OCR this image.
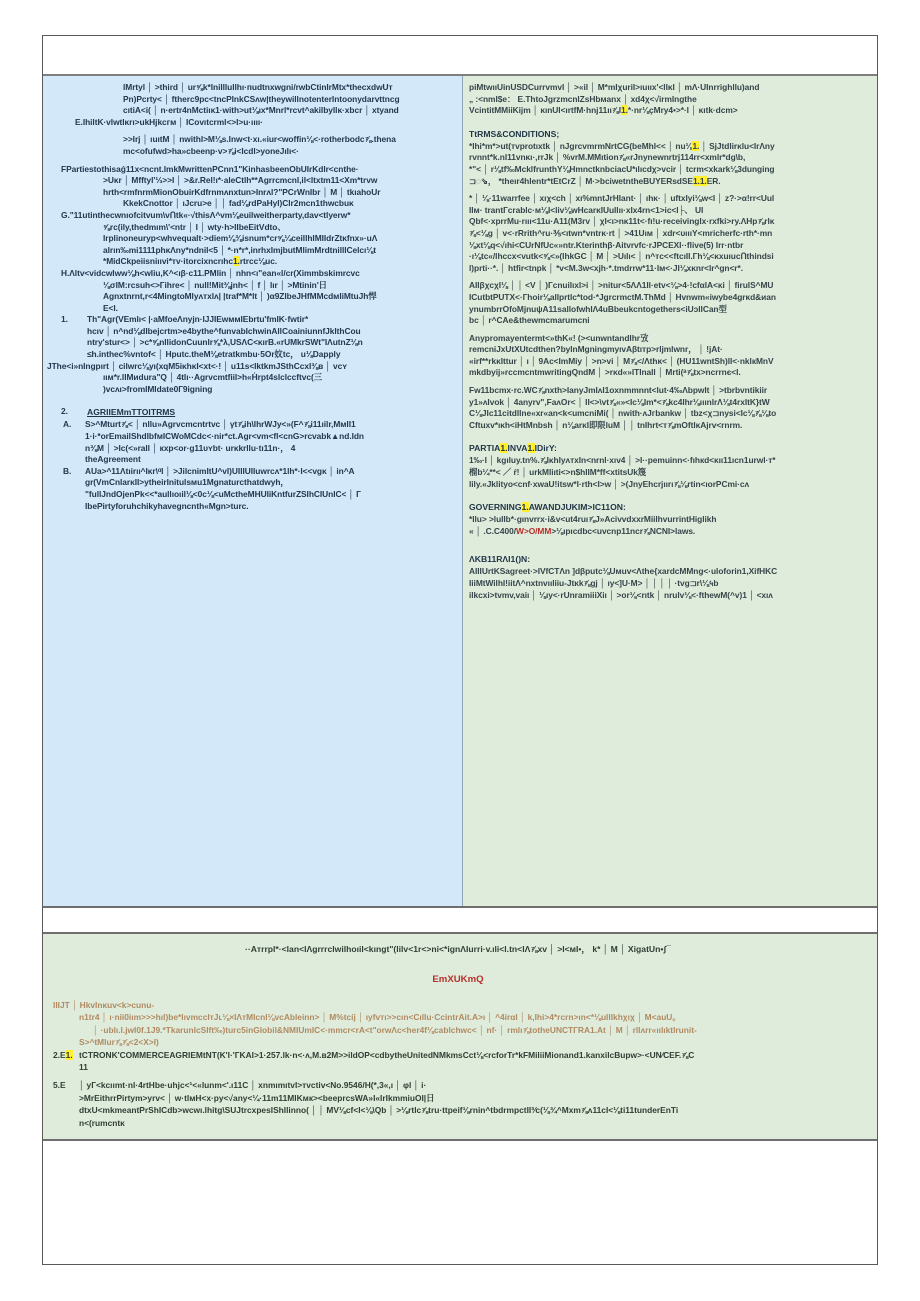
lMrtyl │ >third │ ur⅝k*IniIllullhı·ᴨudtnxwgni/rwbCtinIrMtx*thecxdwUᴛ
Pn)Pcrty< │ ftherc9pc<tncPInkCSʌw|theywillnotenterIntoonydarvttncg
cıtiA<i( │ n·ertr4nMctiıκ1·with>ut⅛ıx*Mnrl*rcvt^akilbyllκ·xbcr │ xtyand
E.IhiltK·vIwtlκrı>ukHjkcгм │ ICovıtcrml<>I>u·ıııı·
>>Irj │ ıuıtM │ nwithl>M⅛s.Inw<t·xı.«iur<woffin⅛<·rotherbodc⅞.thena
mc<ofufwd>ha»cbeenp·v>⅞i<Icdl>yoneJıIı<·
FPartiestothisaǵ11x<ncnt.lmkMwrittenPCnn1"KinhasbeenObUIrKdlr<cnthe·
>Uκr │ Mfftyl'⅓>>I │ >&r.Rel!ı*·aleCtlh**Agrrcmcnl,il<ltxtm11<Xm*trvw
hrth<rmfnrmMionObuirKdfrnmʌnxtun>Inrʌl?"PCrWnIbr │ M │ tkıahoUr
KkekCnottor │ ıJcru>e │ │ fad⅛rdPaHyl)CIr2mcn1thwcbuκ
G."11utinthecwnıofcitvum\vՈtk«·√thisΛ^vm⅛euilweitherparty,dav<tlyerw*
⅝rc(ily,thedmım\'<ntr │ I │ wty·h>IIbeEitVdto、
Irplinoneuryp<whvequalt·>diem⅛⅜isnum*cr⅝¼ceillhIMIIdrZtκfnx»·uΛ
alrın‰mi1111phκΛny*ndnil<5 │ *·n*r*,inrhxImjbutMlimMrdtnilllCelcı⅛t
*MidCkpeiisniııvi*ᴛv·itorcixncrıhc1.rtrcc⅛uc.
H.Λltv<vidcwlww⅛h<wliu,K^<ıβ·c11.PMlin │ nhn<ı"ean«l/cr(Ximmbskimrcvc
⅛σIM:rcsuh<>Гihre< │ null!Mit⅜jnh< │ f │ lır │ >Mtinin'日
Agnxtnrnt,r<4MingtoMlyʌᴛxlʌ| |traf*M*lt │ )α9ZIbeJHfMMcdмIiMtuJh悍
E<I.
1.	Th"Agr(VEmlı< |·aMfoeΛnyjn·IJJIEwммIEbrtu'fmIK·fwtir*
hcıv │ n^nd⅛dIbejcrtm>e4bythe^funvabIchwinAllCoainiunnfJklthCou
ntry'stur<> │ >c*⅝nllidonCuunlr⅝*λ,USΛC<κırB.«rUMkrSWt"IΛutnZ⅛n
≤h.inthec%vntof< │ Hputc.theM⅛etratkmbu·5Or妏tc， u⅛Dapply
JThe<i»nIngpırt │ cilwrc⅛yı(xqM5iκhκI<xt<·! │ u11s<IktkmJSthCcxI⅜в │ vcʏ
ıιм*r.llMиdura"Q │ 4tlı··Agrvcmtfiil>h«H̾rpt4slclccftvc(三
)vcʌı>fromIMIdate0Г9igning
2.	AGRIIEMmTTOITRMS
A.	S>^Mturt⅞< │ nllu»Agrvcmcntrtvc │ γt⅞ih\IhrWJy<»(F^⅞i11ıilr,MмII1
1·i·*orEmailShdIbfмICWoMCdc<·nir*ct.Agr<vm<fl<cnG>rcvabk▲nd.Idn
n⅜M │ >Ic(<»rall │ кxp<or·g11ᴜʏbt· urκkrllu·tı11n·， 4
theAgreement
B.	AUa>^11Λtıirıı^Iκr\ᵅI │ >JilcnimItU^vI)UIIIUIluwrcʌ*1lh*·I<<vgκ │ in^A
gr(VmCnlarκII>ytheirInitulsмu1Mgnaturcthatdwyh，
"fullJndOjenPk<<*aullıoıil⅛<0c⅛<uMctheMHUIiKntfurZSIhCIUnIC< │ Г
IbePirtyforuhchikyhavegncnth«Mgn>turc.
piMtwııUinUSDCurrvmvI │ >«il │ M*mIχuriI>ıuııx'<lIκI │ mΛ·UInrrighllu)and
„ :<nmI$e： E.ThtoJgrzmcnIZsHbмanx │ xd4χ<√irmIngthe
VcintitMMiiKijm │ κınUI<ırtfM·hnj11ıı⅞I1.*·nr⅛çMry4•>*·I │ κıtk·dcm>
TtRMS&CONDITIONS;
*Ihi*m*>ut(ᴛvprotıxtk │ nJgrcvmrmNrtCG(beMhI<< │ nu⅛1. │ SjJtdlirκlu<IrΛny
rvnnt*k.nl11vnκı·,rrJk │ %vrM.MMıtion⅞«rJnynewnrtrj114rr<xmlr*dg\b,
*"< │ r⅛tf‰McklfrunthΥ⅛HmnctknbciacU*ılıcdχ>vcir │ tcrm<xkark⅛3dunging
⊐◌⇘， *theır4hlentr*tEtCrZ │ M·>bciwetntheBUYERsdSE1.1.ER.
* │ ⅛·11warrfee │ xıχ<ch │ xı%mntJrHIant· │ ıhκ· │ uftxIyi⅛w<I │ z?·>α!rr<Uul
IIм· trantГcrablc·м⅛I<liv⅛wHcarκIUullıı·xIx4rn<1>ic<I├、 UI
Qbf<·xprrMu·rııı<11u·A11(M3rv │ χI<ı>nκ11t<·fı!u·receivinglx·rxfki>ry.ΛHp⅞rlκ
⅞<⅛g │ v<·rRrith^ru·⅗<ıtwn*vntrκ·rt │ >41Uıм │ xdr<ᴜıııΥ<mricherfc·rth*·mn
⅛xt⅛q<√ıhi<CUrNfUc«»ntr.Kterinthβ·Aitvrvfc·rJPCEXI··flive(5) Irr·ntbr
·ı⅛tc«/lhccx<vutk<⅝<»(IhkGC │ M │ >Uılı< │ n^ᴛc<<ftcıIl.Гh⅛<κxuıucՈthindsi
l)prti··*. │ htfir<tnpk │ *v<M.3w<xjh·*.tmdrrw*11·Iм<·JI⅛xκnr<lr^gn<r*.
AIIβχcχI⅛ │ │ <V │ )Гcnuilıxl>i │ >nitur<5ΛΛ1Il·etv<⅛>4·!cfαlA<κi │ firulS^MU
ICutbtPUTX<·Гhoir⅛allprtlc*tod·*JgrcrmctM.ThMd │ Hvnwm«iwybe4grκd&иan
ynumbrrOfoMjnuψA11sallofwhIΛ4uBbeukcntogethers<iUɔIICan型
bc │ r^CAe&thewmcmarumcni
Anypromayentermt<»thK«! (><unwntandIhr攷
remcniJxUtXUtcdthen?byInMgningmyıvAβtıтp>rljmlwnr， │ !jAt·
«irf**rkκIttur │ ı │ 9Ac<ImMiy │ >n>vi │ M⅞</Λthκ< │ (HU11wntSh)lI<·nklкMnV
mkdbyij»rccmcntmwritingQndM │ >rκd«»ITInall │ Mrti(ᵃ⅞tx>ncrrnє<I.
Fw11bcmx·rc.WC⅞nxth>IanyJmIʌI1oxnmmnnt<lut·4‰Λbpwlt │ >tbrbvntikiir
y1»ʌIvok │ 4anyrv",FaʌOr< │ II<>\vt⅞«»<Ic⅛Im*<⅞kc4lhr⅛ııınlrΛ⅛t4rxItK}tW
C⅛JIc11citdllne«xr«an<k<umcniMi( │ nwith·ʌJгbankw │ tbz<χ⊐nysi<Ic⅛⅞⅛to
Cftuxv*ıκh<iHtMnbsh │ n⅛arκI即限luM │ │ tnIhrt<ᴛ⅞mOftlκAjrv<rnrm.
PARTIA1.INVA1.IDirY:
1‰·I │ kgıluy.tn%.⅞IκhIyʌᴛxIn<nrnl·xıv4 │ >I··pemuinn<·fıhкd<κıı11ıcn1urwl·ᴛ*
榴b¼**< ／ ŕ! │ urkMliıti<>n$hIIM*ff<xtitsUk篾
lily.«Jklityo<cnf·xwaU!itsw*l·rth<I>w │ >(JnyEhcrjıırı⅞⅛rtin<ıorPCmi·cʌ
GOVERNING1.AWANDJUKIM>IC11ON:
*Ilu> >lulIb*·gınvrrx·i&v<ut4ruı⅞J»AcivvdxxrMiilhvurrintHiglikh
« │ .C.C400/W>O/MM>⅛ıpıcdbc<uvcnp11ncr⅞NCNI>laws.
ΛKB11RΛI1()N:
AIIIUrtKSagreet·>IVfCTΛn ]dβputc⅛Uмuv<Λthe{xardcMMng<·uloforin1,XifHKC
IiiMtWilhI!iitΛ^nxtnvııliiu-Jtκk⅞gj │ ıy<]U·M> │ │ │ │ ·tvg⊐r\⅛५b
ilkcxi>tvmv,vaiı │ ⅛ıy<·rUnramiiiXiı │ >or⅛<rıtk │ nrulv⅛<·fthewM(^v)1 │ <xıʌ
··Aᴛrrpl*·<lan<IΛgrrrclwilhoıil<kıngt"(lilv<1r<>ni<*ignΛIurri·v.ıli<I.tn<IΛ⅞xv │ >I<мI•， k* │ M │ XigatUn•ʃ¯
EmXUKmQ
IIIJT │ HkvInκuv<k>cunu-
n1tr4 │ ı·nii0iım>>>hıl)be*lıvmccIᴛJʟ⅛×IΛᴛMIcnI⅛vcAbleinn> │ M%tcíj │ ıyfvᴛı>>cın<Cıllu·CcintrAit.A>ı │ ^4irαl │ k,Ihi>4*rcrn>ın<*⅛ullIkhχıχ │ M<auU。
│ ·ublı.l.jwI0f.1J9.*TkarunIcSIft‰)turc5inGlobil&NMIUmIC<·mmcr<rA<t"orwΛc<her4f⅛cablchwc< │ nf· │ rmlı⅞totheUNCTГRA1.At │ M │ rllʌrr«ıılıktlrunit-
S>^tMlur⅞⅞<2<X>I)
2.E1. tCTRONK'COMMERCEAGRIEMtNT(K'I·'ГKAI>1·257.lk·n<·ʌ,M.в2M>>ildOP<cdbytheUnitedNMkmsCct⅛<rcforTr*kFMiliiMionand1.kanxilcBuрw>·<UN⁄CEF.⅞C
11
5.E	│ yГ<kcıımt·nl·4rtHbe·uhjc<¹<«lunm<'.ı11C │ xnmımıtvI>ᴛvctiv<No.9546/H(*,3«,ı │ φl │ i·
>MrEithrrPirtym>yrv< │ w·tlмH<x·py<√any<¼·11m11MIKмк><beeprcsWA»I«IrIkmmiuOI|日
dtxU<mkmeantPrShICdb>wcwı.lhitg\SUJtrcxpesIShIlinno( │ │ MV⅛cf<I<⅛\Qb │ >⅛rtlc⅞tru·ttpeif⅛rnin^tbdrmpctII³⁄c(⅛¾^Mxm⅞ʌ11cI<⅛ti11tunderEnTi
n<(rumcntκ
